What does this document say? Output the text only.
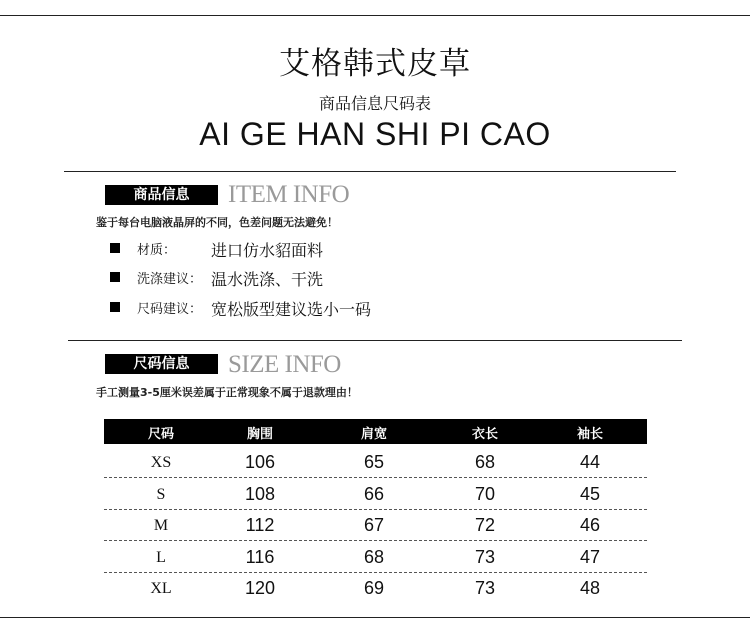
艾格韩式皮草
商品信息尺码表
AI GE HAN SHI PI CAO
商品信息	ITEM INFO
鉴于每台电脑液晶屏的不同，色差问题无法避免！
材质： 进口仿水貂面料
洗涤建议： 温水洗涤、干洗
尺码建议： 宽松版型建议选小一码
尺码信息	SIZE INFO
手工测量3-5厘米误差属于正常现象不属于退款理由！
尺码	胸围	肩宽	衣长	袖长
XS	106	65	68	44
S	108	66	70	45
M	112	67	72	46
L	116	68	73	47
XL	120	69	73	48
